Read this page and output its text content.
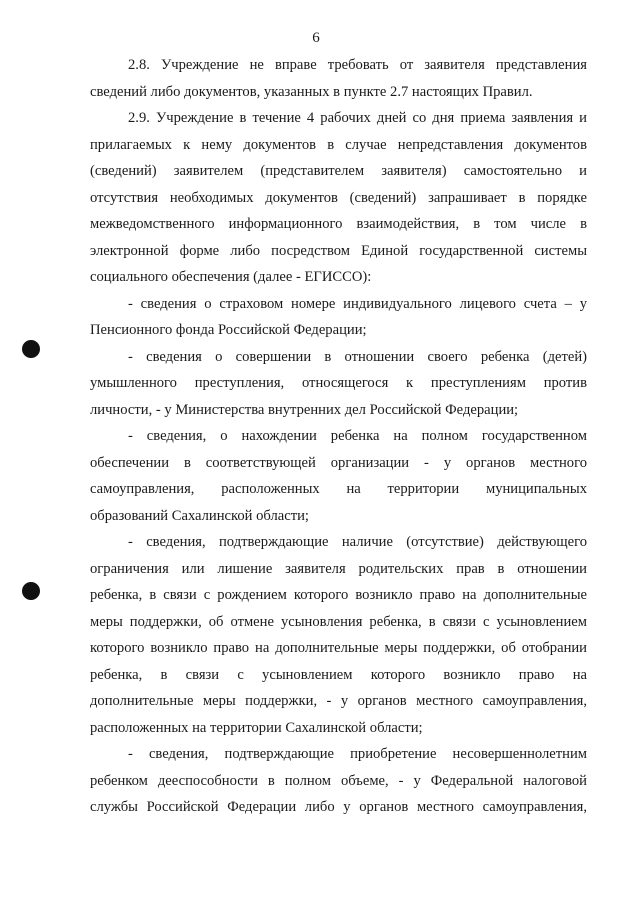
6
2.8. Учреждение не вправе требовать от заявителя представления
сведений либо документов, указанных в пункте 2.7 настоящих Правил.
2.9. Учреждение в течение 4 рабочих дней со дня приема заявления и
прилагаемых к нему документов в случае непредставления документов
(сведений) заявителем (представителем заявителя) самостоятельно и
отсутствия необходимых документов (сведений) запрашивает в порядке
межведомственного информационного взаимодействия, в том числе в
электронной форме либо посредством Единой государственной системы
социального обеспечения (далее - ЕГИССО):
- сведения о страховом номере индивидуального лицевого счета – у
Пенсионного фонда Российской Федерации;
- сведения о совершении в отношении своего ребенка (детей)
умышленного преступления, относящегося к преступлениям против
личности, - у Министерства внутренних дел Российской Федерации;
- сведения, о нахождении ребенка на полном государственном
обеспечении в соответствующей организации - у органов местного
самоуправления, расположенных на территории муниципальных
образований Сахалинской области;
- сведения, подтверждающие наличие (отсутствие) действующего
ограничения или лишение заявителя родительских прав в отношении
ребенка, в связи с рождением которого возникло право на дополнительные
меры поддержки, об отмене усыновления ребенка, в связи с усыновлением
которого возникло право на дополнительные меры поддержки, об отобрании
ребенка, в связи с усыновлением которого возникло право на
дополнительные меры поддержки, - у органов местного самоуправления,
расположенных на территории Сахалинской области;
- сведения, подтверждающие приобретение несовершеннолетним
ребенком дееспособности в полном объеме, - у Федеральной налоговой
службы Российской Федерации либо у органов местного самоуправления,
